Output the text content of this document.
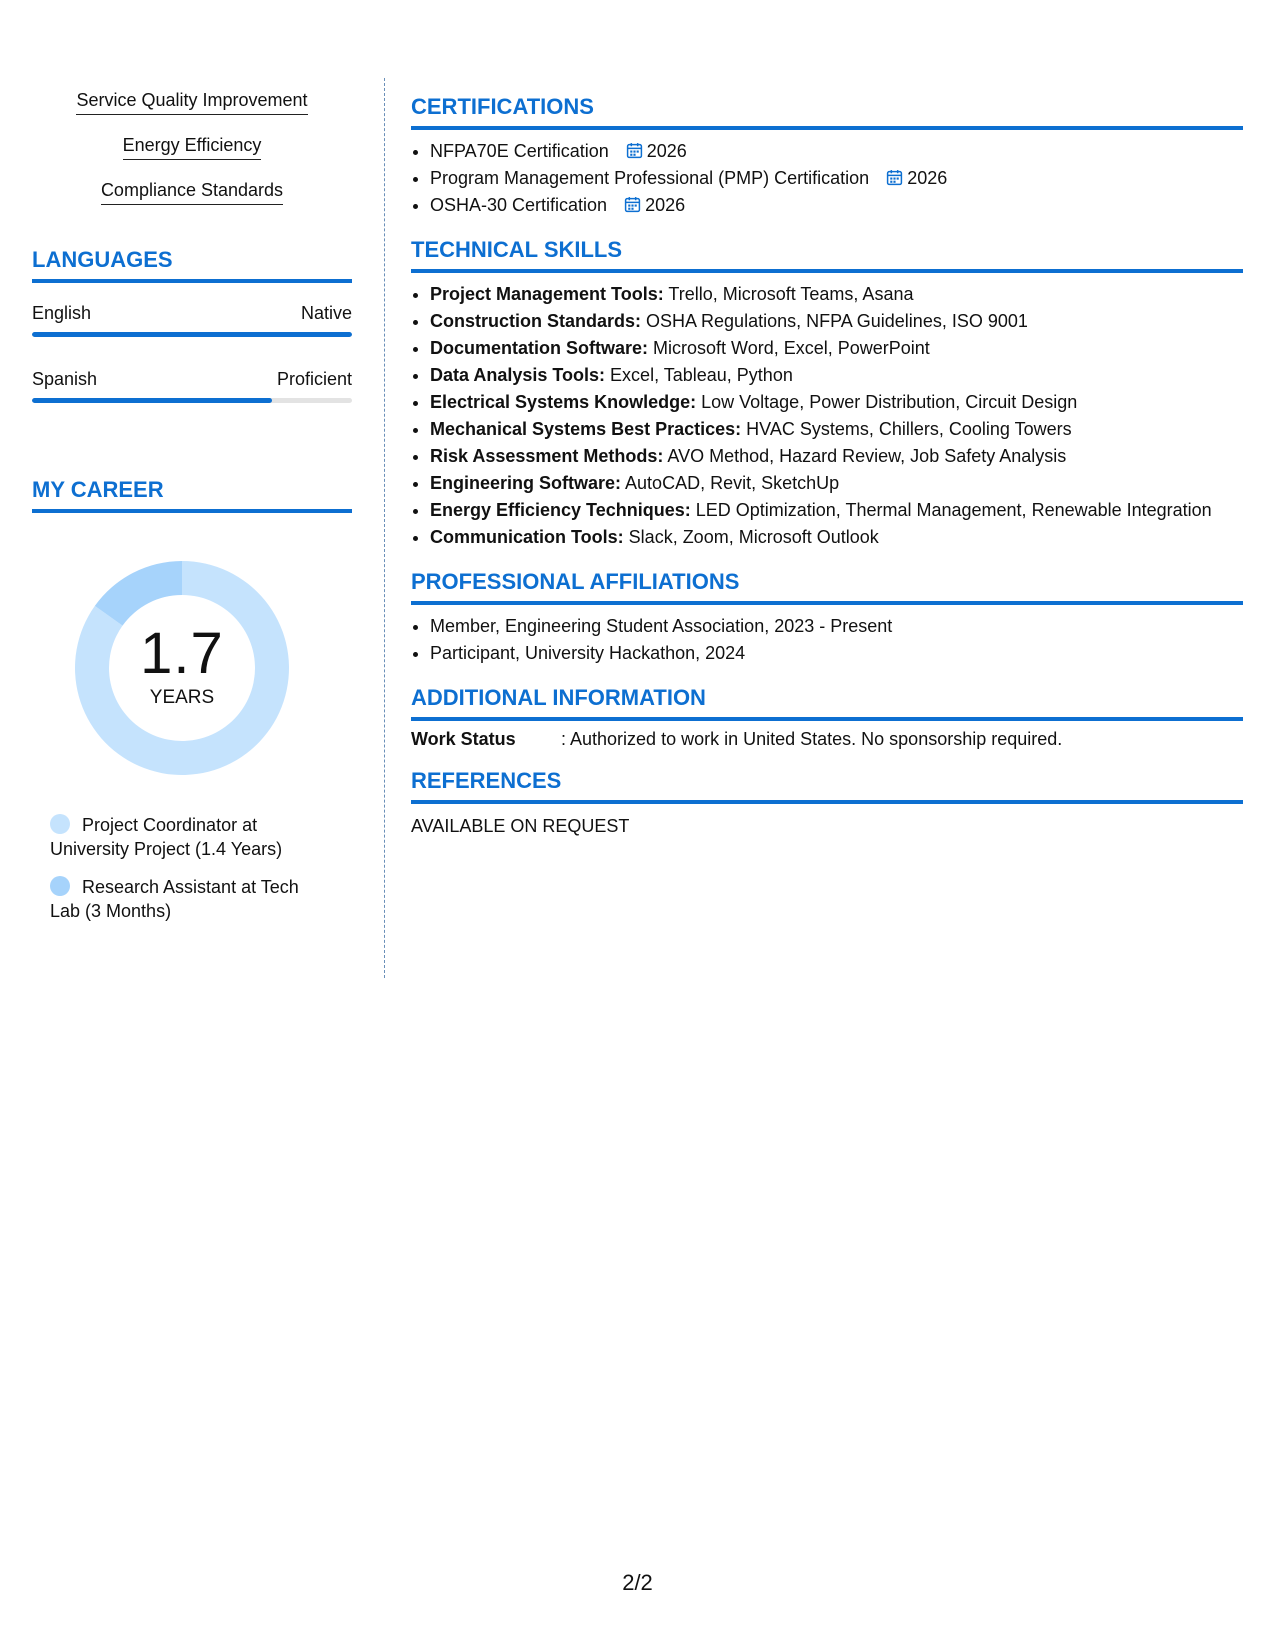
Service Quality Improvement
Energy Efficiency
Compliance Standards
LANGUAGES
English	Native
Spanish	Proficient
MY CAREER
1.7
YEARS
Project Coordinator at University Project (1.4 Years)
Research Assistant at Tech Lab (3 Months)
CERTIFICATIONS
• NFPA70E Certification 2026
• Program Management Professional (PMP) Certification 2026
• OSHA-30 Certification 2026
TECHNICAL SKILLS
• Project Management Tools: Trello, Microsoft Teams, Asana
• Construction Standards: OSHA Regulations, NFPA Guidelines, ISO 9001
• Documentation Software: Microsoft Word, Excel, PowerPoint
• Data Analysis Tools: Excel, Tableau, Python
• Electrical Systems Knowledge: Low Voltage, Power Distribution, Circuit Design
• Mechanical Systems Best Practices: HVAC Systems, Chillers, Cooling Towers
• Risk Assessment Methods: AVO Method, Hazard Review, Job Safety Analysis
• Engineering Software: AutoCAD, Revit, SketchUp
• Energy Efficiency Techniques: LED Optimization, Thermal Management, Renewable Integration
• Communication Tools: Slack, Zoom, Microsoft Outlook
PROFESSIONAL AFFILIATIONS
• Member, Engineering Student Association, 2023 - Present
• Participant, University Hackathon, 2024
ADDITIONAL INFORMATION
Work Status	: Authorized to work in United States. No sponsorship required.
REFERENCES
AVAILABLE ON REQUEST
2/2
